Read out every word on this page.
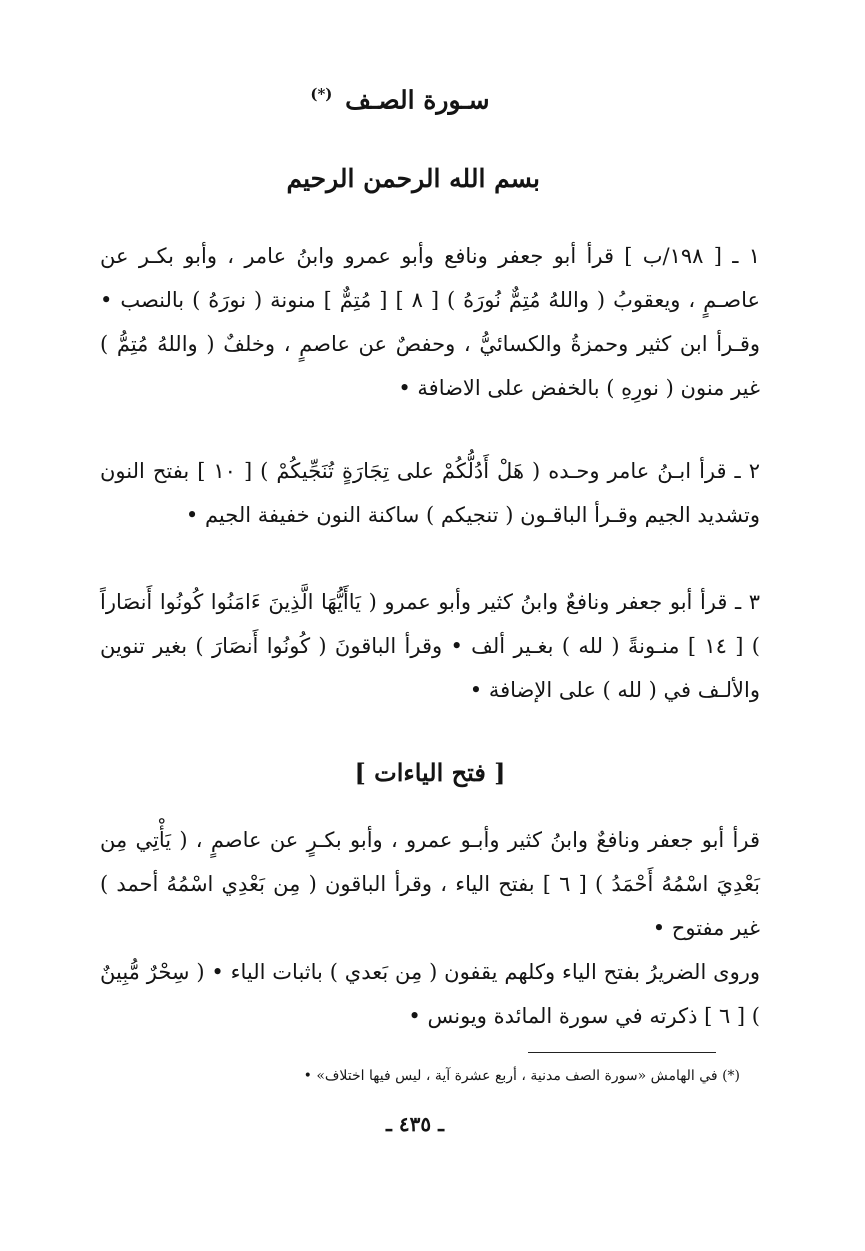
سـورة الصـف (*)
بسم الله الرحمن الرحيم

١ ـ [ ١٩٨/ب ] قرأ أبو جعفر ونافع وأبو عمرو وابنُ عامر ، وأبو بكـر عن عاصـمٍ ، ويعقوبُ ( واللهُ مُتِمٌّ نُورَهُ ) [ ٨ ] [ مُتِمٌّ ] منونة ( نورَهُ ) بالنصب • وقـرأ ابن كثير وحمزةُ والكسائيُّ ، وحفصٌ عن عاصمٍ ، وخلفٌ ( واللهُ مُتِمُّ ) غير منون ( نورِهِ ) بالخفض على الاضافة •

٢ ـ قرأ ابـنُ عامر وحـده ( هَلْ أَدُلُّكُمْ على تِجَارَةٍ تُنَجِّيكُمْ ) [ ١٠ ] بفتح النون وتشديد الجيم وقـرأ الباقـون ( تنجيكم ) ساكنة النون خفيفة الجيم •

٣ ـ قرأ أبو جعفر ونافعٌ وابنُ كثير وأبو عمرو ( يَاأَيُّهَا الَّذِينَ ءَامَنُوا كُونُوا أَنصَاراً ) [ ١٤ ] منـونةً ( لله ) بغـير ألف • وقرأ الباقونَ ( كُونُوا أَنصَارَ ) بغير تنوين والألـف في ( لله ) على الإضافة •

[ فتح الياءات ]

قرأ أبو جعفر ونافعٌ وابنُ كثير وأبـو عمرو ، وأبو بكـرٍ عن عاصمٍ ، ( يَأْتِي مِن بَعْدِيَ اسْمُهُ أَحْمَدُ ) [ ٦ ] بفتح الياء ، وقرأ الباقون ( مِن بَعْدِي اسْمُهُ أحمد ) غير مفتوح •

وروى الضريرُ بفتح الياء وكلهم يقفون ( مِن بَعدي ) باثبات الياء • ( سِحْرٌ مُّبِينٌ ) [ ٦ ] ذكرته في سورة المائدة ويونس •

(*) في الهامش «سورة الصف مدنية ، أربع عشرة آية ، ليس فيها اختلاف» •

ـ ٤٣٥ ـ
